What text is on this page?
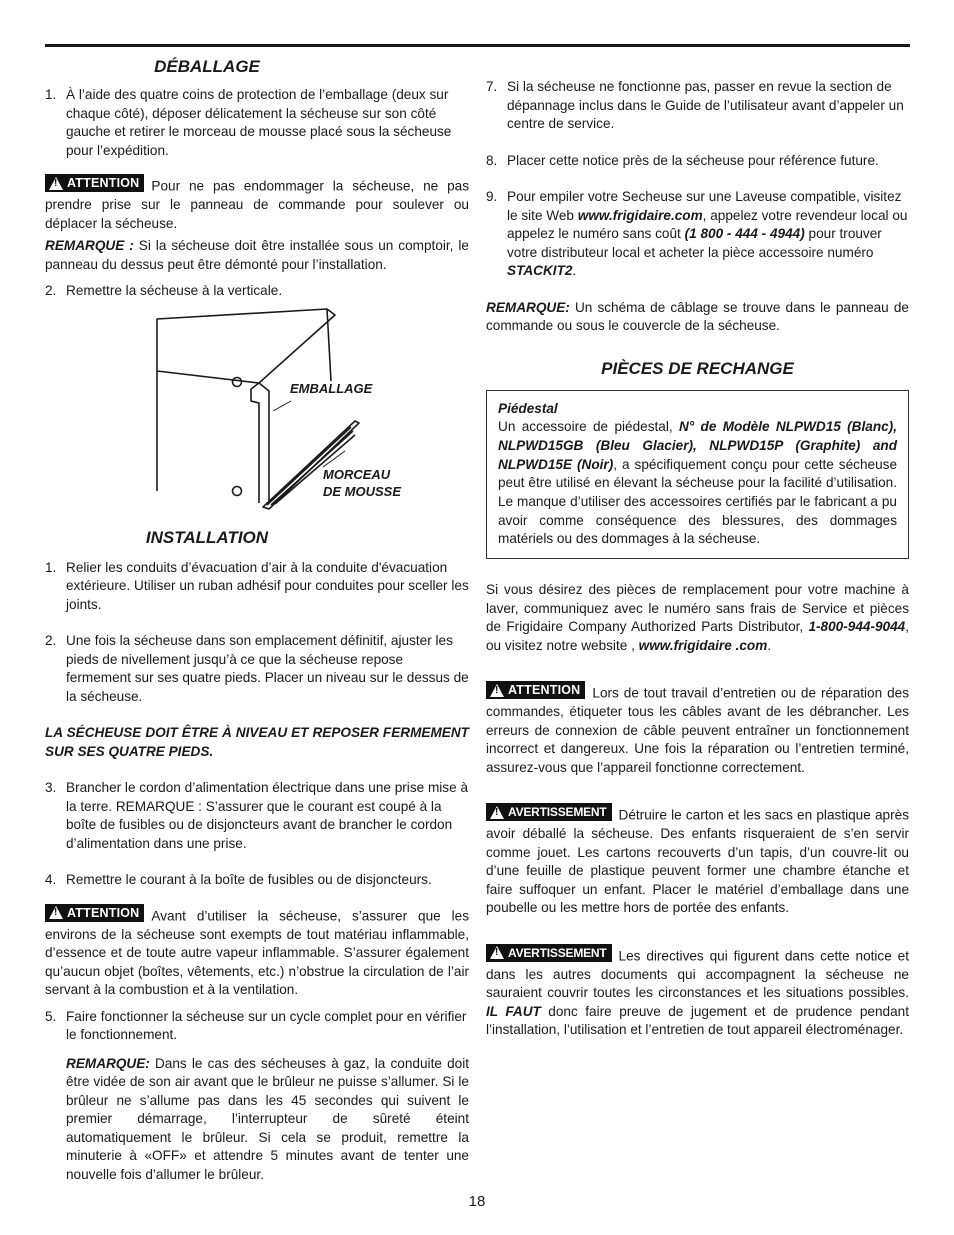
DÉBALLAGE
1. À l’aide des quatre coins de protection de l’emballage (deux sur chaque côté), déposer délicatement la sécheuse sur son côté gauche et retirer le morceau de mousse placé sous la sécheuse pour l’expédition.

!
ATTENTION Pour ne pas endommager la sécheuse, ne pas prendre prise sur le panneau de commande pour soulever ou déplacer la sécheuse.

REMARQUE : Si la sécheuse doit être installée sous un comptoir, le panneau du dessus peut être démonté pour l’installation.

2. Remettre la sécheuse à la verticale.
EMBALLAGE
MORCEAU
DE MOUSSE
INSTALLATION
1. Relier les conduits d’évacuation d’air à la conduite d'évacuation extérieure. Utiliser un ruban adhésif pour conduites pour sceller les joints.
2. Une fois la sécheuse dans son emplacement définitif, ajuster les pieds de nivellement jusqu’à ce que la sécheuse repose fermement sur ses quatre pieds. Placer un niveau sur le dessus de la sécheuse.

LA SÉCHEUSE DOIT ÊTRE À NIVEAU ET REPOSER FERMEMENT SUR SES QUATRE PIEDS.

3. Brancher le cordon d’alimentation électrique dans une prise mise à la terre. REMARQUE : S’assurer que le courant est coupé à la boîte de fusibles ou de disjoncteurs avant de brancher le cordon d’alimentation dans une prise.
4. Remettre le courant à la boîte de fusibles ou de disjoncteurs.

!
ATTENTION Avant d’utiliser la sécheuse, s’assurer que les environs de la sécheuse sont exempts de tout matériau inflammable, d’essence et de toute autre vapeur inflammable. S’assurer également qu’aucun objet (boîtes, vêtements, etc.) n’obstrue la circulation de l’air servant à la combustion et à la ventilation.

5. Faire fonctionner la sécheuse sur un cycle complet pour en vérifier le fonctionnement.

REMARQUE: Dans le cas des sécheuses à gaz, la conduite doit être vidée de son air avant que le brûleur ne puisse s’allumer. Si le brûleur ne s’allume pas dans les 45 secondes qui suivent le premier démarrage, l’interrupteur de sûreté éteint automatiquement le brûleur. Si cela se produit, remettre la minuterie à «OFF» et attendre 5 minutes avant de tenter une nouvelle fois d’allumer le brûleur.

7. Si la sécheuse ne fonctionne pas, passer en revue la section de dépannage inclus dans le Guide de l’utilisateur avant d’appeler un centre de service.
8. Placer cette notice près de la sécheuse pour référence future.
9. Pour empiler votre Secheuse sur une Laveuse compatible, visitez le site Web www.frigidaire.com, appelez votre revendeur local ou appelez le numéro sans coût (1 800 - 444 - 4944) pour trouver votre distributeur local et acheter la pièce accessoire numéro STACKIT2.

REMARQUE: Un schéma de câblage se trouve dans le panneau de commande ou sous le couvercle de la sécheuse.

PIÈCES DE RECHANGE

Piédestal

Un accessoire de piédestal, N° de Modèle NLPWD15 (Blanc), NLPWD15GB (Bleu Glacier), NLPWD15P (Graphite) and NLPWD15E (Noir), a spécifiquement conçu pour cette sécheuse peut être utilisé en élevant la sécheuse pour la facilité d’utilisation. Le manque d’utiliser des accessoires certifiés par le fabricant a pu avoir comme conséquence des blessures, des dommages matériels ou des dommages à la sécheuse.

Si vous désirez des pièces de remplacement pour votre machine à laver, communiquez avec le numéro sans frais de Service et pièces de Frigidaire Company Authorized Parts Distributor, 1-800-944-9044, ou visitez notre website , www.frigidaire .com.

!
ATTENTION Lors de tout travail d’entretien ou de réparation des commandes, étiqueter tous les câbles avant de les débrancher. Les erreurs de connexion de câble peuvent entraîner un fonctionnement incorrect et dangereux. Une fois la réparation ou l’entretien terminé, assurez-vous que l’appareil fonctionne correctement.

!
AVERTISSEMENT Détruire le carton et les sacs en plastique après avoir déballé la sécheuse. Des enfants risqueraient de s’en servir comme jouet. Les cartons recouverts d’un tapis, d’un couvre-lit ou d’une feuille de plastique peuvent former une chambre étanche et faire suffoquer un enfant. Placer le matériel d’emballage dans une poubelle ou les mettre hors de portée des enfants.

!
AVERTISSEMENT Les directives qui figurent dans cette notice et dans les autres documents qui accompagnent la sécheuse ne sauraient couvrir toutes les circonstances et les situations possibles. IL FAUT donc faire preuve de jugement et de prudence pendant l’installation, l’utilisation et l’entretien de tout appareil électroménager.

18
